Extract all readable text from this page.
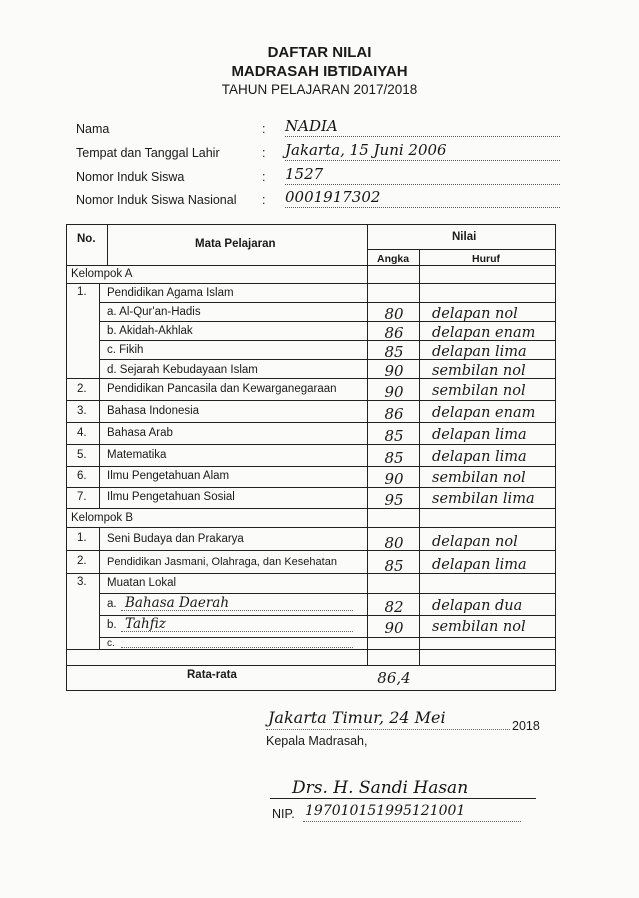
DAFTAR NILAI
MADRASAH IBTIDAIYAH
TAHUN PELAJARAN 2017/2018
Nama	: NADIA
Tempat dan Tanggal Lahir	: Jakarta, 15 Juni 2006
Nomor Induk Siswa	: 1527
Nomor Induk Siswa Nasional : 0001917302
No.	Mata Pelajaran
Nilai
Angka	Huruf
Kelompok A
1. Pendidikan Agama Islam
a. Al-Qur'an-Hadis	80	delapan nol
b. Akidah-Akhlak	86	delapan enam
c. Fikih	85	delapan lima
d. Sejarah Kebudayaan Islam	90	sembilan nol
2. Pendidikan Pancasila dan Kewarganegaraan	90	sembilan nol
3. Bahasa Indonesia	86	delapan enam
4. Bahasa Arab	85	delapan lima
5. Matematika	85	delapan lima
6. Ilmu Pengetahuan Alam	90	sembilan nol
7. Ilmu Pengetahuan Sosial	95	sembilan lima
Kelompok B
1. Seni Budaya dan Prakarya	80	delapan nol
2. Pendidikan Jasmani, Olahraga, dan Kesehatan	85	delapan lima
3. Muatan Lokal
a. Bahasa Daerah	82	delapan dua
b. Tahfiz	90	sembilan nol
c.
Rata-rata	86,4
Jakarta Timur, 24 Mei	2018
Kepala Madrasah,
Drs. H. Sandi Hasan
NIP. 197010151995121001
